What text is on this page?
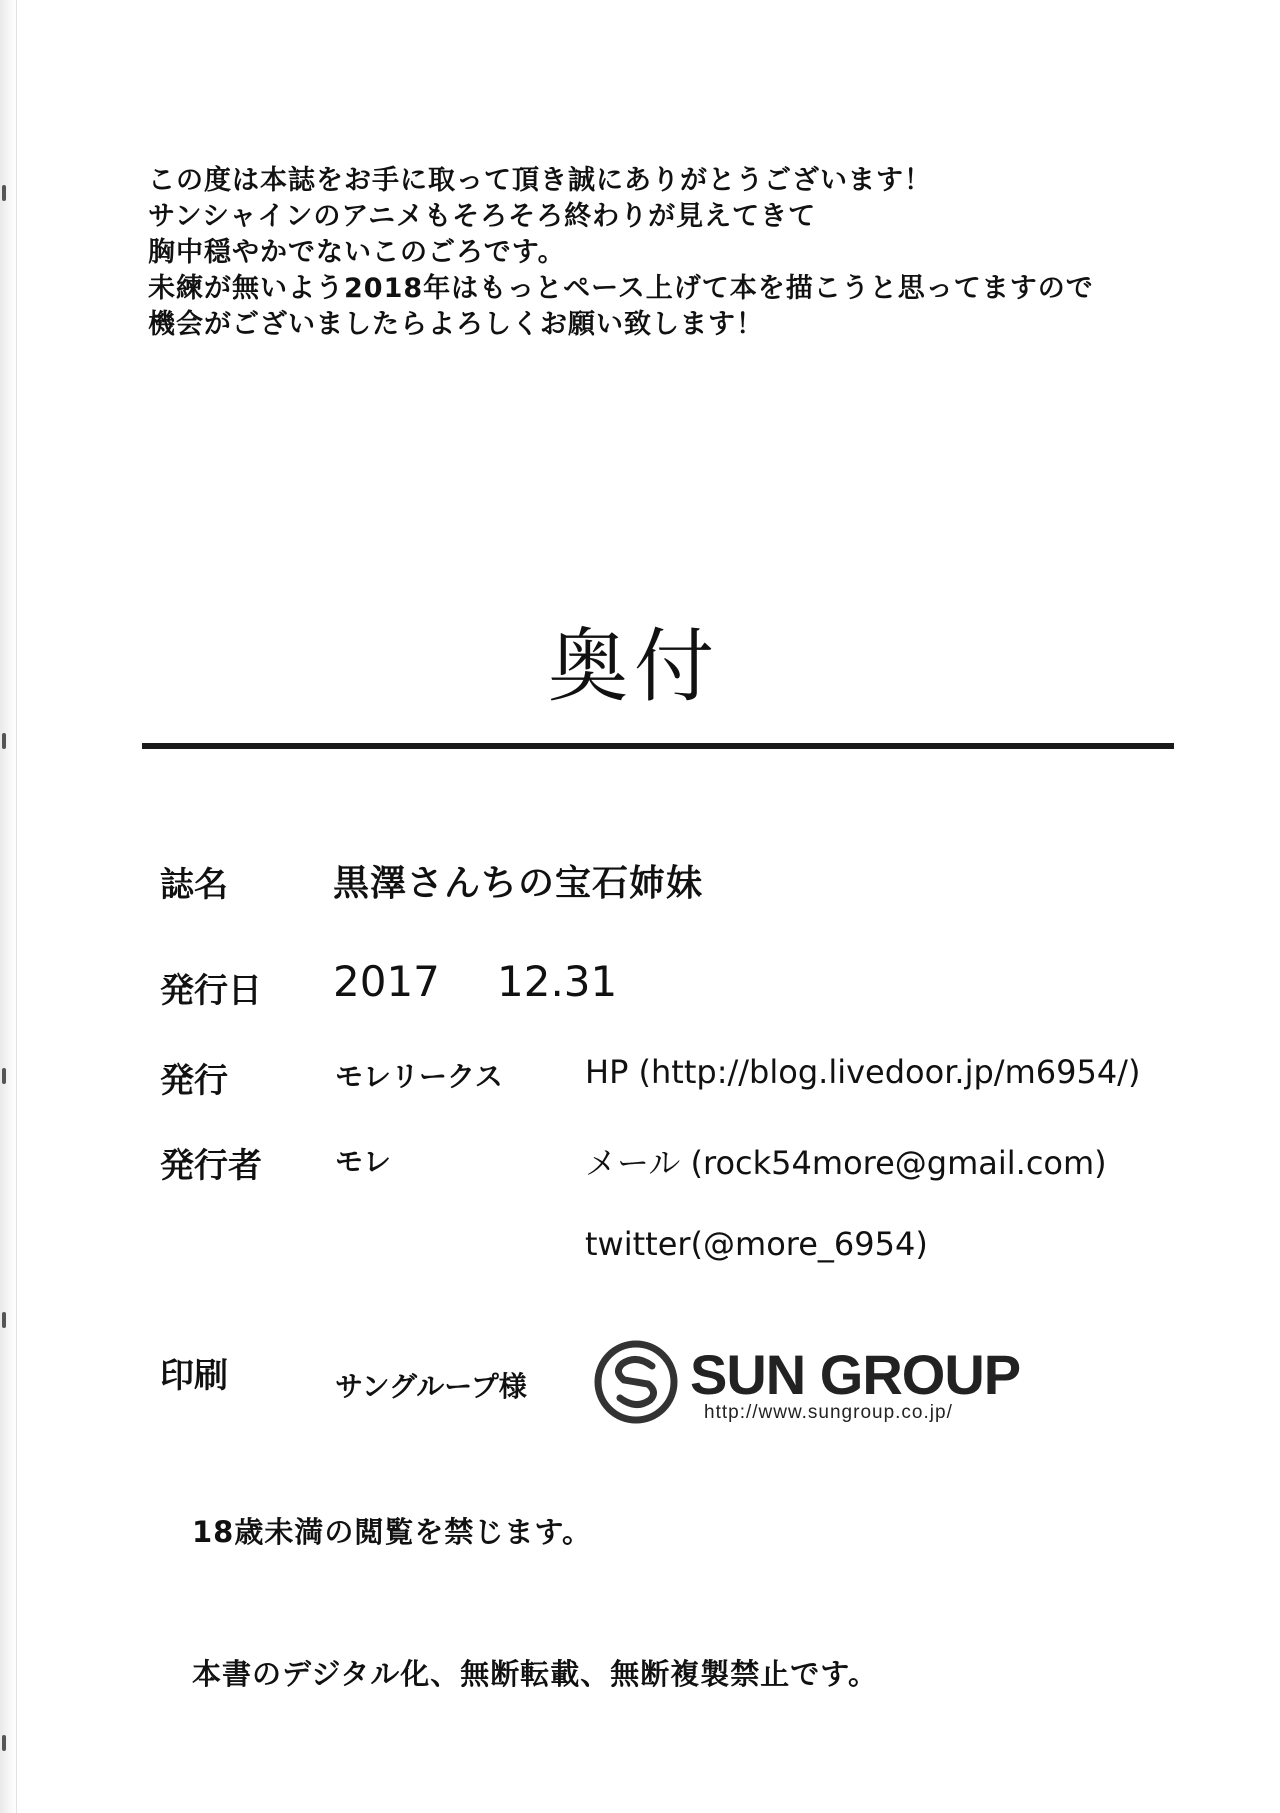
この度は本誌をお手に取って頂き誠にありがとうございます！
サンシャインのアニメもそろそろ終わりが見えてきて
胸中穏やかでないこのごろです。
未練が無いよう2018年はもっとペース上げて本を描こうと思ってますので
機会がございましたらよろしくお願い致します！
奥付
誌名	黒澤さんちの宝石姉妹
発行日 2017 12.31
発行	モレリークス	HP (http://blog.livedoor.jp/m6954/)
発行者	モレ	メール (rock54more@gmail.com)
twitter(@more_6954)
印刷	サングループ様	SUN GROUP
http://www.sungroup.co.jp/
18歳未満の閲覧を禁じます。
本書のデジタル化、無断転載、無断複製禁止です。
